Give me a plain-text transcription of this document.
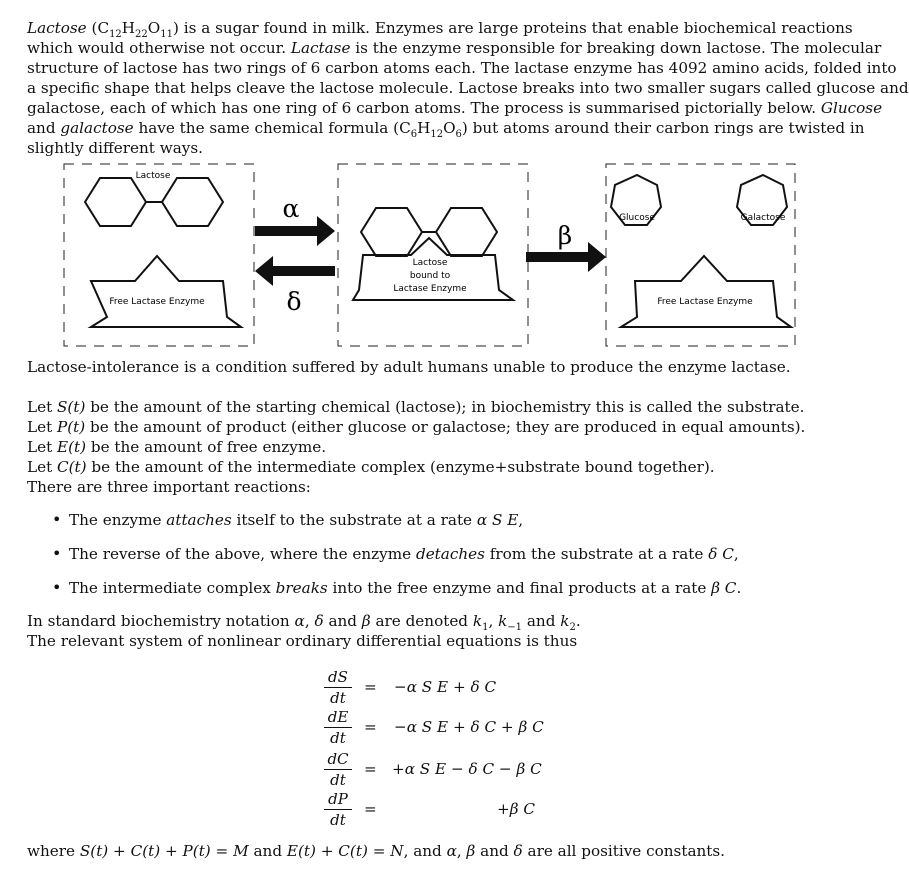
Lactose $(C_{12}H_{22}O_{11})$ is a sugar found in milk. Enzymes are large proteins that enable biochemical reactions
which would otherwise not occur. Lactase is the enzyme responsible for breaking down lactose. The molecular
structure of lactose has two rings of 6 carbon atoms each. The lactase enzyme has 4092 amino acids, folded into
a specific shape that helps cleave the lactose molecule. Lactose breaks into two smaller sugars called glucose and
galactose, each of which has one ring of 6 carbon atoms. The process is summarised pictorially below. Glucose
and galactose have the same chemical formula $(C_6H_{12}O_6)$ but atoms around their carbon rings are twisted in
slightly different ways.
Lactose
Free Lactase Enzyme
α
δ
Lactose
bound to
Lactase Enzyme
β
Glucose	Galactose
Free Lactase Enzyme
Lactose-intolerance is a condition suffered by adult humans unable to produce the enzyme lactase.
Let S(t) be the amount of the starting chemical (lactose); in biochemistry this is called the substrate.
Let P(t) be the amount of product (either glucose or galactose; they are produced in equal amounts).
Let E(t) be the amount of free enzyme.
Let C(t) be the amount of the intermediate complex (enzyme+substrate bound together).
There are three important reactions:
• The enzyme attaches itself to the substrate at a rate α S E,
• The reverse of the above, where the enzyme detaches from the substrate at a rate δ C,
• The intermediate complex breaks into the free enzyme and final products at a rate β C.
In standard biochemistry notation α, δ and β are denoted $k_1$, $k_{-1}$ and $k_2$.
The relevant system of nonlinear ordinary differential equations is thus
dS
dt
= −α S E + δ C
dE
dt
= −α S E + δ C + β C
dC
dt
= +α S E − δ C − β C
dP
dt
=	+β C
where S(t) + C(t) + P(t) = M and E(t) + C(t) = N, and α, β and δ are all positive constants.
